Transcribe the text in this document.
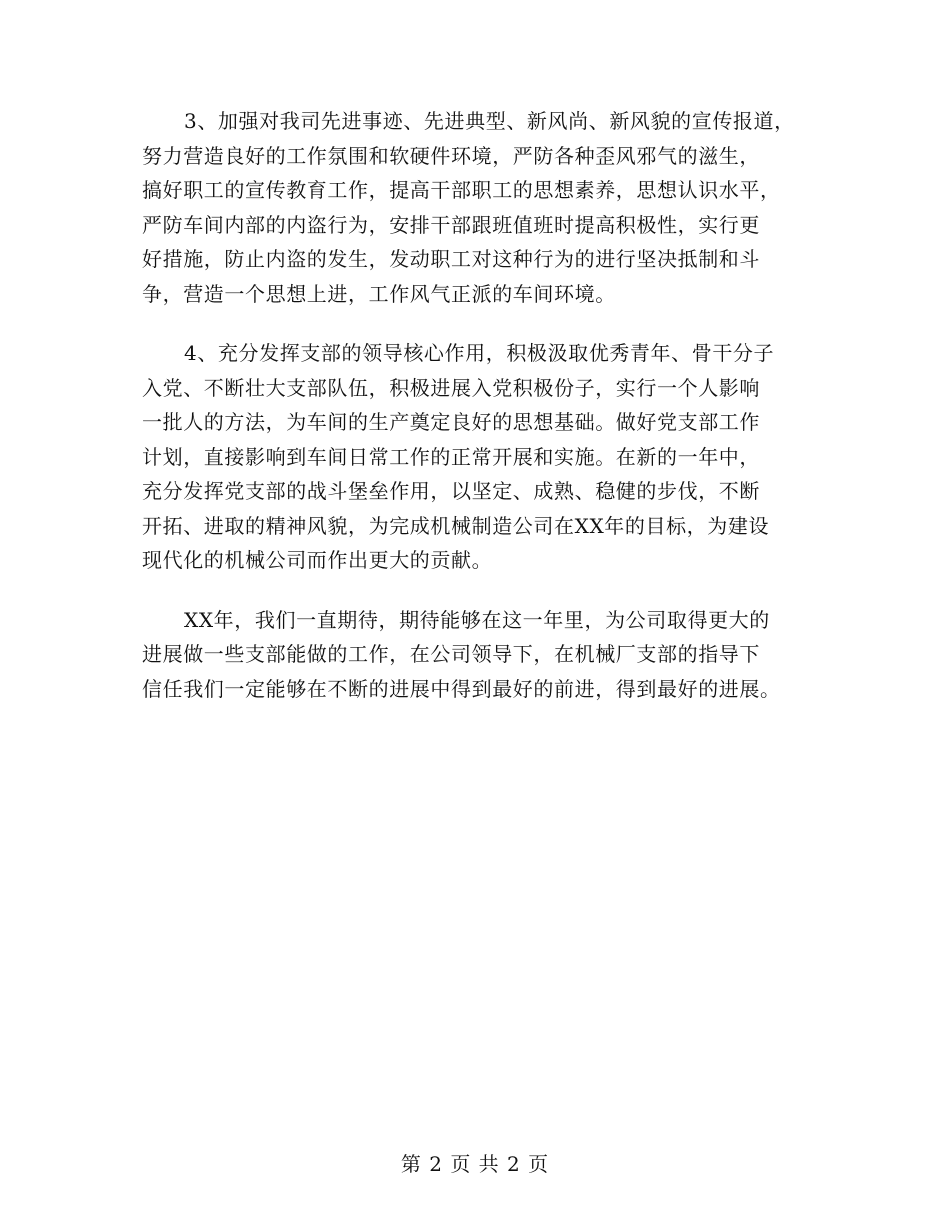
3、加强对我司先进事迹、先进典型、新风尚、新风貌的宣传报道，
努力营造良好的工作氛围和软硬件环境，严防各种歪风邪气的滋生，
搞好职工的宣传教育工作，提高干部职工的思想素养，思想认识水平，
严防车间内部的内盗行为，安排干部跟班值班时提高积极性，实行更
好措施，防止内盗的发生，发动职工对这种行为的进行坚决抵制和斗
争，营造一个思想上进，工作风气正派的车间环境。

4、充分发挥支部的领导核心作用，积极汲取优秀青年、骨干分子
入党、不断壮大支部队伍，积极进展入党积极份子，实行一个人影响
一批人的方法，为车间的生产奠定良好的思想基础。做好党支部工作
计划，直接影响到车间日常工作的正常开展和实施。在新的一年中，
充分发挥党支部的战斗堡垒作用，以坚定、成熟、稳健的步伐，不断
开拓、进取的精神风貌，为完成机械制造公司在XX年的目标，为建设
现代化的机械公司而作出更大的贡献。

XX年，我们一直期待，期待能够在这一年里，为公司取得更大的
进展做一些支部能做的工作，在公司领导下，在机械厂支部的指导下
信任我们一定能够在不断的进展中得到最好的前进，得到最好的进展。

第 2 页 共 2 页
